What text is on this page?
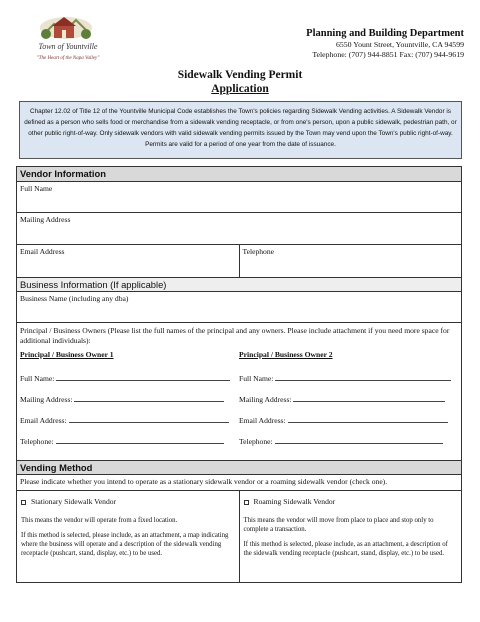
Town of Yountville
"The Heart of the Napa Valley"
Planning and Building Department
6550 Yount Street, Yountville, CA 94599
Telephone: (707) 944-8851 Fax: (707) 944-9619
Sidewalk Vending Permit
Application
Chapter 12.02 of Title 12 of the Yountville Municipal Code establishes the Town's policies regarding Sidewalk Vending activities. A Sidewalk Vendor is defined as a person who sells food or merchandise from a sidewalk vending receptacle, or from one's person, upon a public sidewalk, pedestrian path, or other public right-of-way. Only sidewalk vendors with valid sidewalk vending permits issued by the Town may vend upon the Town's public right-of-way. Permits are valid for a period of one year from the date of issuance.
Vendor Information
Full Name
Mailing Address
Email Address	Telephone
Business Information (If applicable)
Business Name (including any dba)
Principal / Business Owners (Please list the full names of the principal and any owners. Please include attachment if you need more space for additional individuals):
Principal / Business Owner 1
Full Name:
Mailing Address:
Email Address:
Telephone:
Principal / Business Owner 2
Full Name:
Mailing Address:
Email Address:
Telephone:
Vending Method
Please indicate whether you intend to operate as a stationary sidewalk vendor or a roaming sidewalk vendor (check one).
Stationary Sidewalk Vendor

This means the vendor will operate from a fixed location.

If this method is selected, please include, as an attachment, a map indicating where the business will operate and a description of the sidewalk vending receptacle (pushcart, stand, display, etc.) to be used.

Roaming Sidewalk Vendor

This means the vendor will move from place to place and stop only to complete a transaction.

If this method is selected, please include, as an attachment, a description of the sidewalk vending receptacle (pushcart, stand, display, etc.) to be used.
